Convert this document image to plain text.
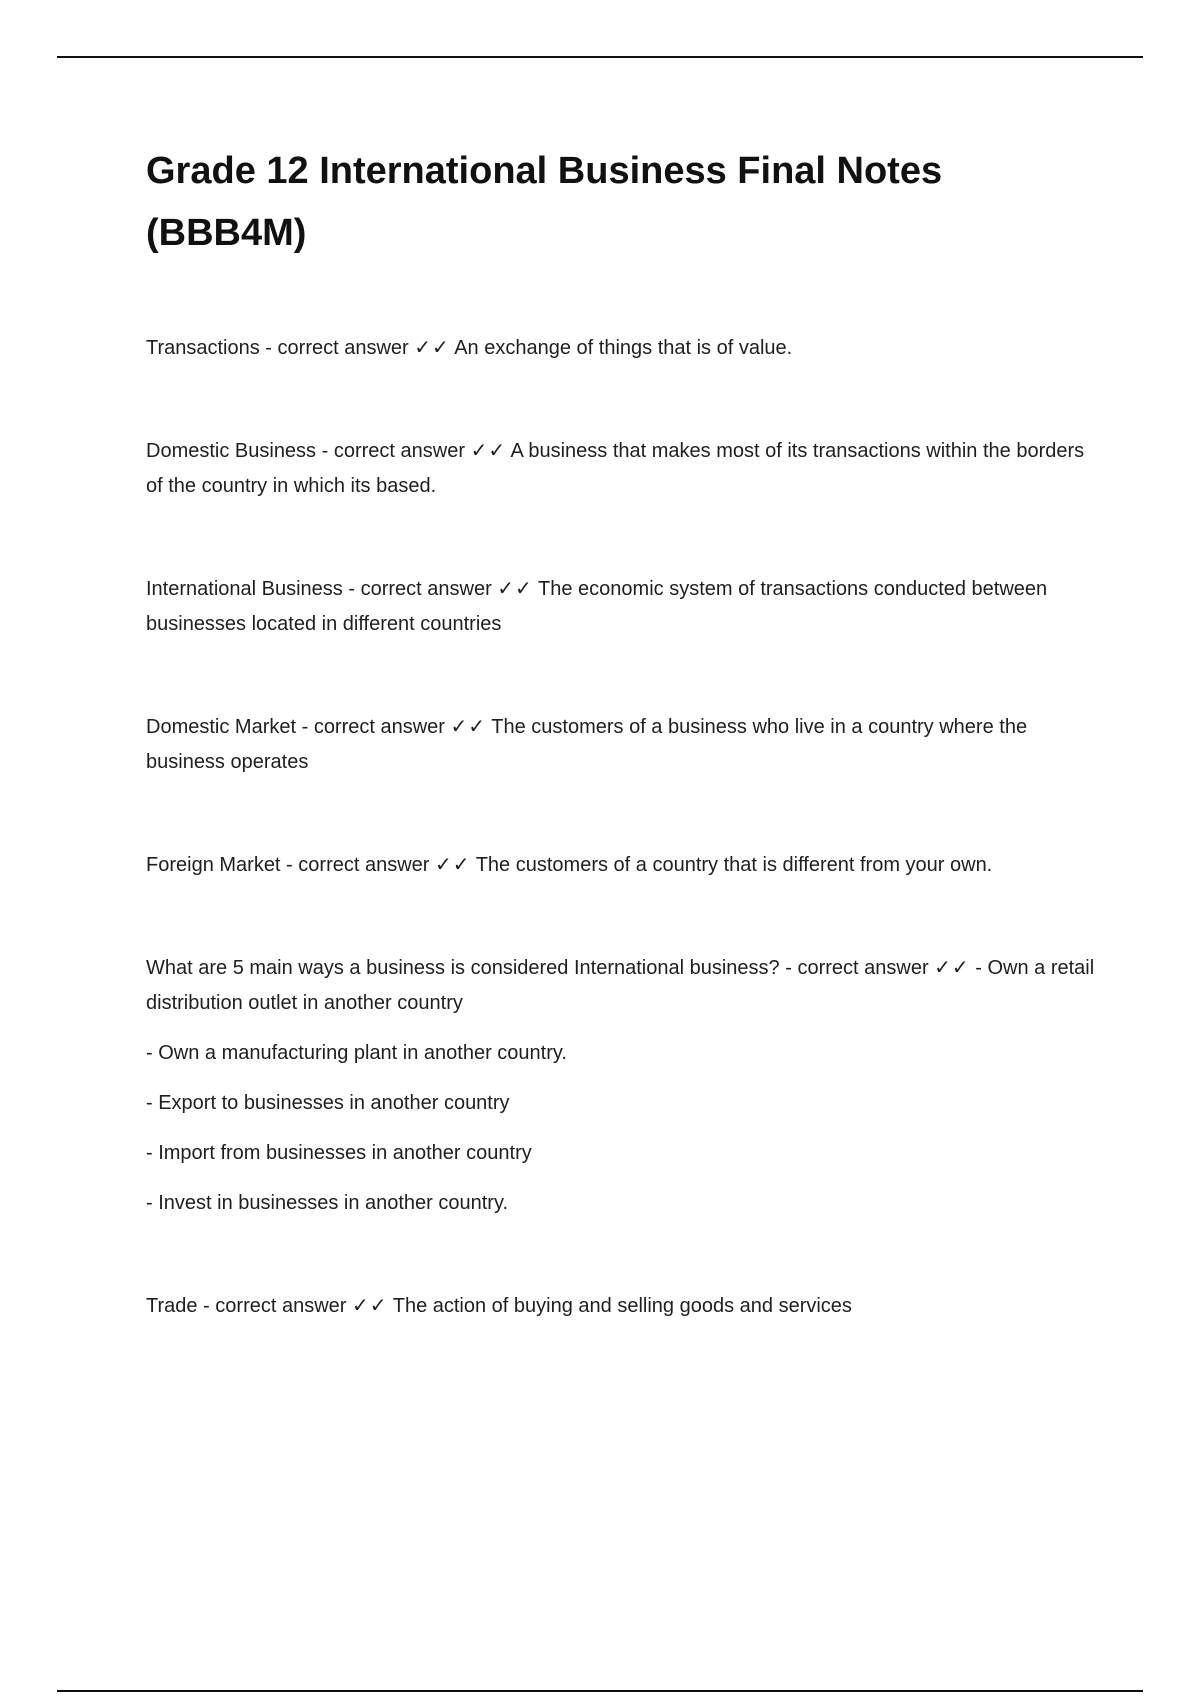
Grade 12 International Business Final Notes (BBB4M)

Transactions - correct answer ✓✓ An exchange of things that is of value.

Domestic Business - correct answer ✓✓ A business that makes most of its transactions within the borders of the country in which its based.

International Business - correct answer ✓✓ The economic system of transactions conducted between businesses located in different countries

Domestic Market - correct answer ✓✓ The customers of a business who live in a country where the business operates

Foreign Market - correct answer ✓✓ The customers of a country that is different from your own.

What are 5 main ways a business is considered International business? - correct answer ✓✓ - Own a retail distribution outlet in another country

- Own a manufacturing plant in another country.

- Export to businesses in another country

- Import from businesses in another country

- Invest in businesses in another country.

Trade - correct answer ✓✓ The action of buying and selling goods and services
